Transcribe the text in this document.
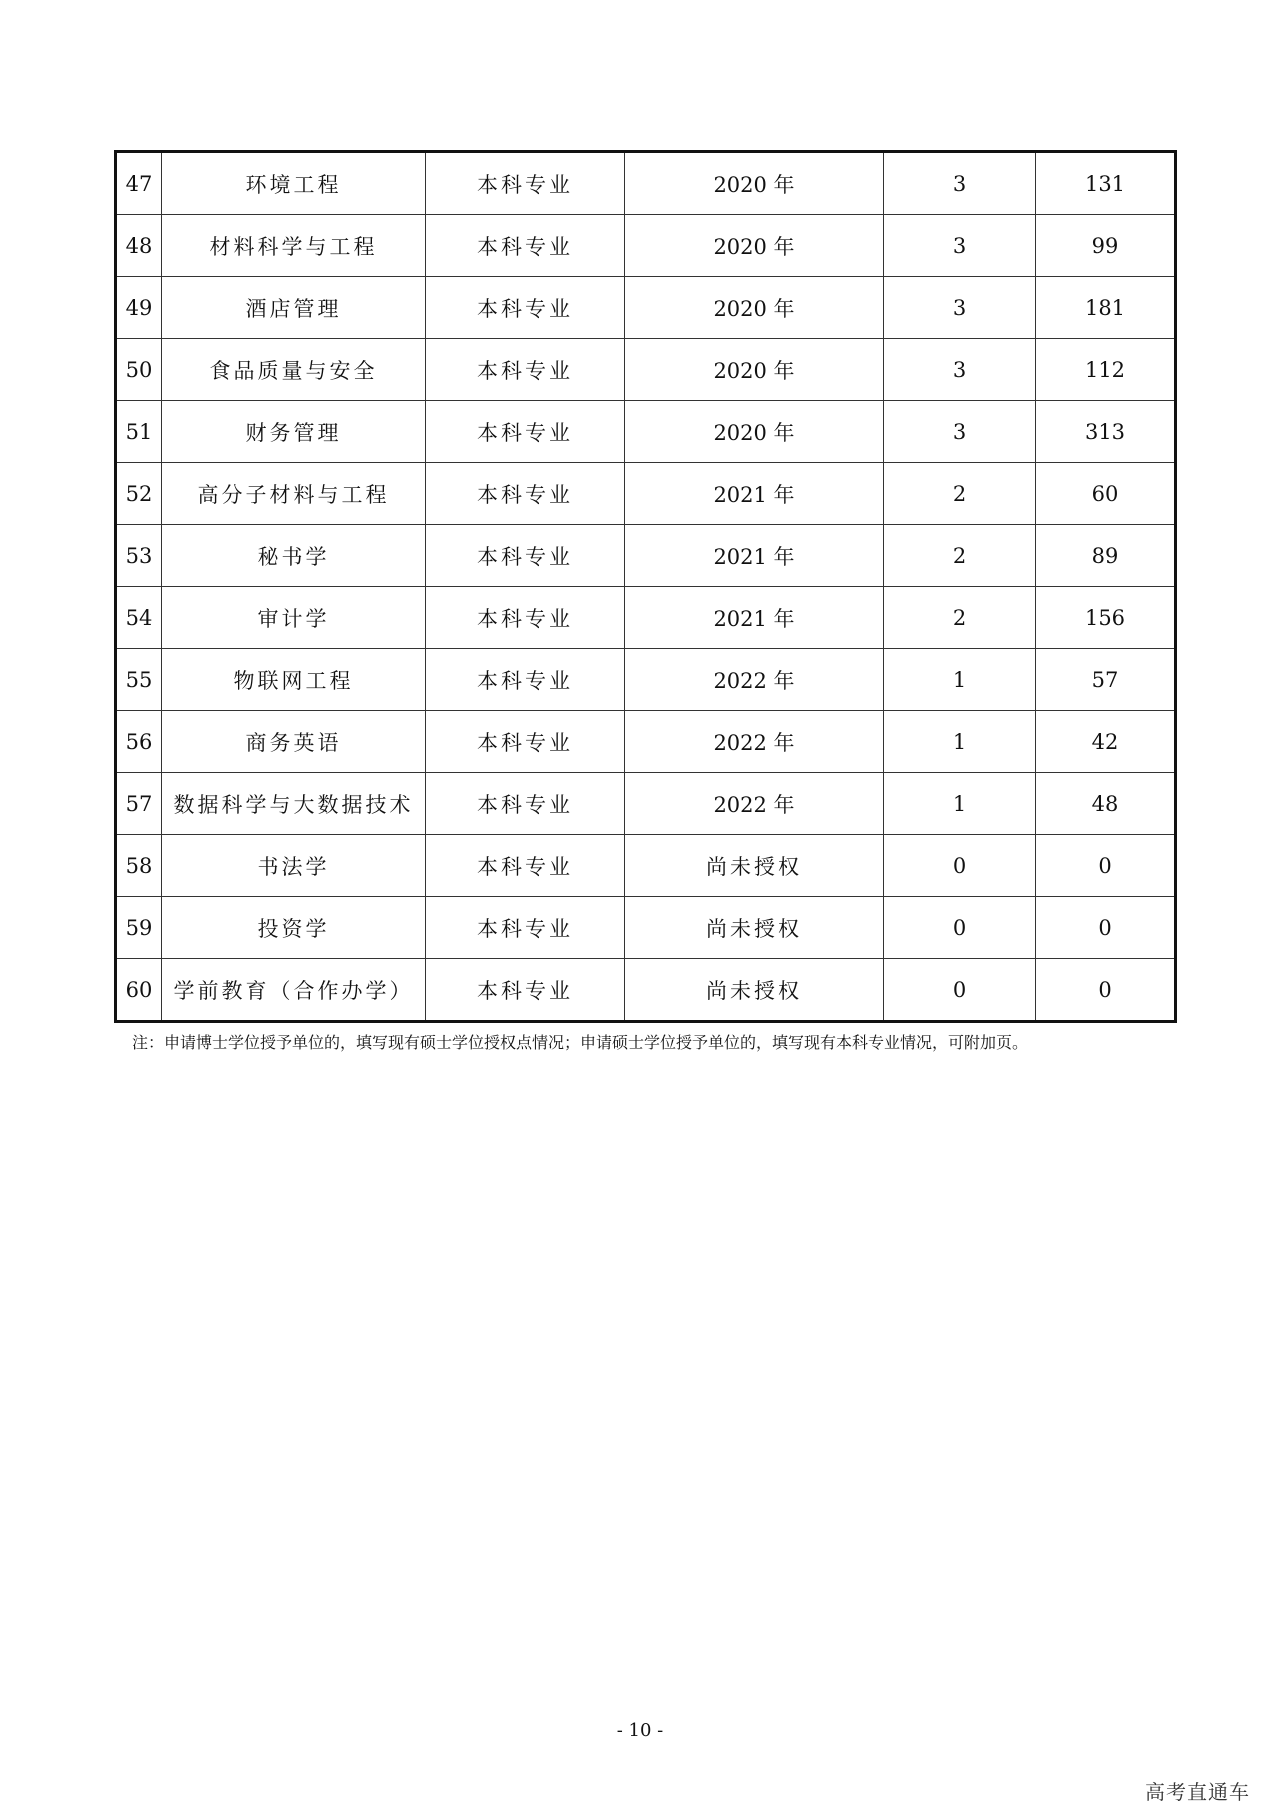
47	环境工程	本科专业	2020 年	3	131
48	材料科学与工程	本科专业	2020 年	3	99
49	酒店管理	本科专业	2020 年	3	181
50	食品质量与安全	本科专业	2020 年	3	112
51	财务管理	本科专业	2020 年	3	313
52	高分子材料与工程	本科专业	2021 年	2	60
53	秘书学	本科专业	2021 年	2	89
54	审计学	本科专业	2021 年	2	156
55	物联网工程	本科专业	2022 年	1	57
56	商务英语	本科专业	2022 年	1	42
57	数据科学与大数据技术	本科专业	2022 年	1	48
58	书法学	本科专业	尚未授权	0	0
59	投资学	本科专业	尚未授权	0	0
60	学前教育（合作办学）	本科专业	尚未授权	0	0
注：申请博士学位授予单位的，填写现有硕士学位授权点情况；申请硕士学位授予单位的，填写现有本科专业情况，可附加页。
- 10 -
高考直通车
